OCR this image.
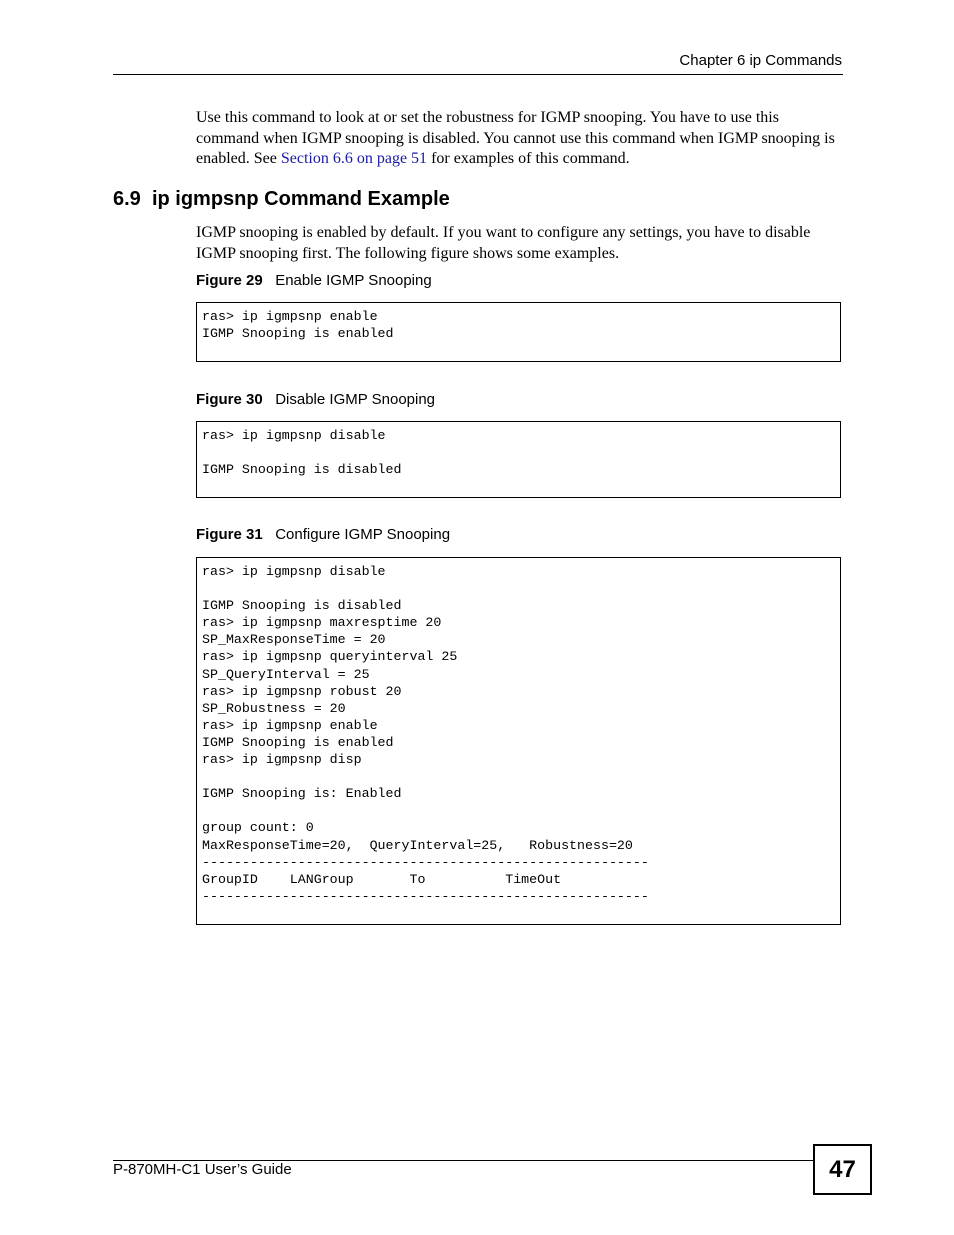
Chapter 6 ip Commands
Use this command to look at or set the robustness for IGMP snooping. You have to use this command when IGMP snooping is disabled. You cannot use this command when IGMP snooping is enabled. See Section 6.6 on page 51 for examples of this command.
6.9 ip igmpsnp Command Example
IGMP snooping is enabled by default. If you want to configure any settings, you have to disable IGMP snooping first. The following figure shows some examples.
Figure 29 Enable IGMP Snooping
ras> ip igmpsnp enable
IGMP Snooping is enabled
Figure 30 Disable IGMP Snooping
ras> ip igmpsnp disable
IGMP Snooping is disabled
Figure 31 Configure IGMP Snooping
ras> ip igmpsnp disable
IGMP Snooping is disabled
ras> ip igmpsnp maxresptime 20
SP_MaxResponseTime = 20
ras> ip igmpsnp queryinterval 25
SP_QueryInterval = 25
ras> ip igmpsnp robust 20
SP_Robustness = 20
ras> ip igmpsnp enable
IGMP Snooping is enabled
ras> ip igmpsnp disp
IGMP Snooping is: Enabled
group count: 0
MaxResponseTime=20,  QueryInterval=25,   Robustness=20
--------------------------------------------------------
GroupID    LANGroup       To          TimeOut
--------------------------------------------------------
P-870MH-C1 User’s Guide	47
